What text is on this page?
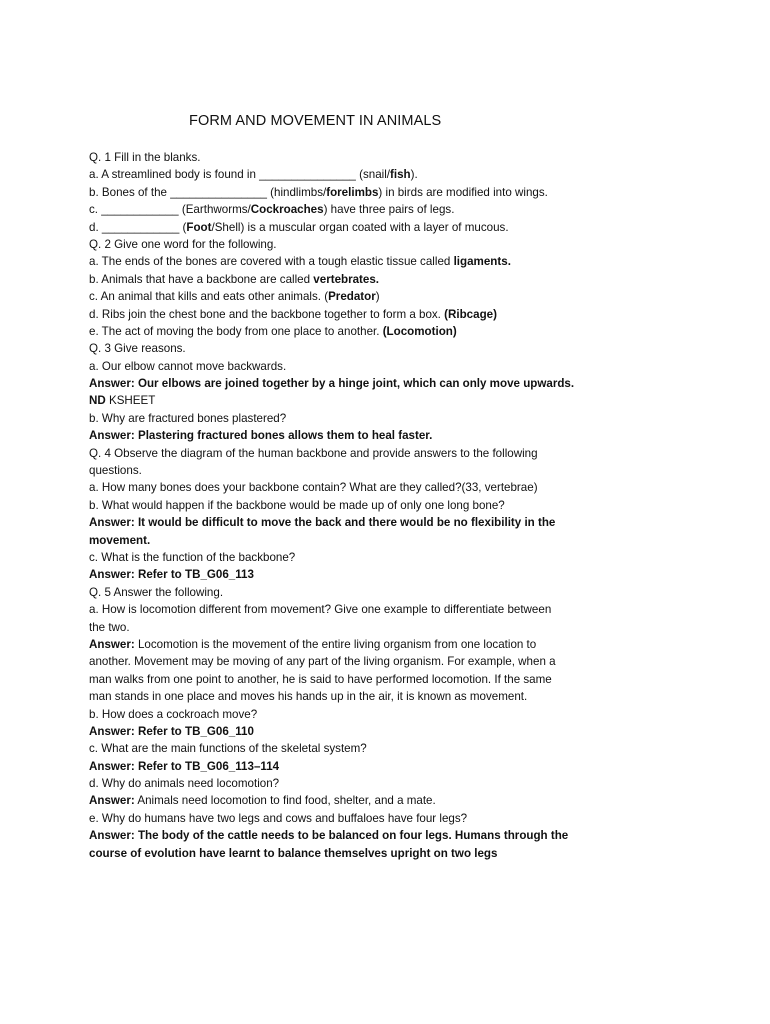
FORM AND MOVEMENT IN ANIMALS
Q. 1 Fill in the blanks.
a. A streamlined body is found in _______________ (snail/fish).
b. Bones of the _______________ (hindlimbs/forelimbs) in birds are modified into wings.
c. ____________ (Earthworms/Cockroaches) have three pairs of legs.
d. ____________ (Foot/Shell) is a muscular organ coated with a layer of mucous.
Q. 2 Give one word for the following.
a. The ends of the bones are covered with a tough elastic tissue called ligaments.
b. Animals that have a backbone are called vertebrates.
c. An animal that kills and eats other animals. (Predator)
d. Ribs join the chest bone and the backbone together to form a box. (Ribcage)
e. The act of moving the body from one place to another. (Locomotion)
Q. 3 Give reasons.
a. Our elbow cannot move backwards.
Answer: Our elbows are joined together by a hinge joint, which can only move upwards.
ND KSHEET
b. Why are fractured bones plastered?
Answer: Plastering fractured bones allows them to heal faster.
Q. 4 Observe the diagram of the human backbone and provide answers to the following
questions.
a. How many bones does your backbone contain? What are they called?(33, vertebrae)
b. What would happen if the backbone would be made up of only one long bone?
Answer: It would be difficult to move the back and there would be no flexibility in the
movement.
c. What is the function of the backbone?
Answer: Refer to TB_G06_113
Q. 5 Answer the following.
a. How is locomotion different from movement? Give one example to differentiate between
the two.
Answer: Locomotion is the movement of the entire living organism from one location to
another. Movement may be moving of any part of the living organism. For example, when a
man walks from one point to another, he is said to have performed locomotion. If the same
man stands in one place and moves his hands up in the air, it is known as movement.
b. How does a cockroach move?
Answer: Refer to TB_G06_110
c. What are the main functions of the skeletal system?
Answer: Refer to TB_G06_113–114
d. Why do animals need locomotion?
Answer: Animals need locomotion to find food, shelter, and a mate.
e. Why do humans have two legs and cows and buffaloes have four legs?
Answer: The body of the cattle needs to be balanced on four legs. Humans through the
course of evolution have learnt to balance themselves upright on two legs
